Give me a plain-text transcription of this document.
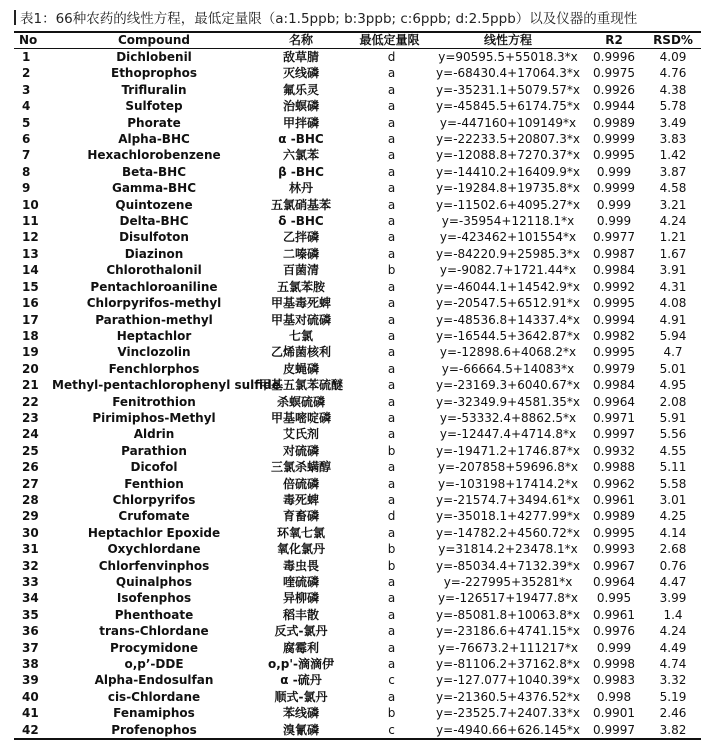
表1：66种农药的线性方程，最低定量限（a:1.5ppb; b:3ppb; c:6ppb; d:2.5ppb）以及仪器的重现性
No	Compound	名称	最低定量限	线性方程	R2	RSD%
1	Dichlobenil	敌草腈	d	y=90595.5+55018.3*x	0.9996	4.09
2	Ethoprophos	灭线磷	a	y=-68430.4+17064.3*x	0.9975	4.76
3	Trifluralin	氟乐灵	a	y=-35231.1+5079.57*x	0.9926	4.38
4	Sulfotep	治螟磷	a	y=-45845.5+6174.75*x	0.9944	5.78
5	Phorate	甲拌磷	a	y=-447160+109149*x	0.9989	3.49
6	Alpha-BHC	α -BHC	a	y=-22233.5+20807.3*x	0.9999	3.83
7	Hexachlorobenzene	六氯苯	a	y=-12088.8+7270.37*x	0.9995	1.42
8	Beta-BHC	β -BHC	a	y=-14410.2+16409.9*x	0.999	3.87
9	Gamma-BHC	林丹	a	y=-19284.8+19735.8*x	0.9999	4.58
10	Quintozene	五氯硝基苯	a	y=-11502.6+4095.27*x	0.999	3.21
11	Delta-BHC	δ -BHC	a	y=-35954+12118.1*x	0.999	4.24
12	Disulfoton	乙拌磷	a	y=-423462+101554*x	0.9977	1.21
13	Diazinon	二嗪磷	a	y=-84220.9+25985.3*x	0.9987	1.67
14	Chlorothalonil	百菌清	b	y=-9082.7+1721.44*x	0.9984	3.91
15	Pentachloroaniline	五氯苯胺	a	y=-46044.1+14542.9*x	0.9992	4.31
16	Chlorpyrifos-methyl	甲基毒死蜱	a	y=-20547.5+6512.91*x	0.9995	4.08
17	Parathion-methyl	甲基对硫磷	a	y=-48536.8+14337.4*x	0.9994	4.91
18	Heptachlor	七氯	a	y=-16544.5+3642.87*x	0.9982	5.94
19	Vinclozolin	乙烯菌核利	a	y=-12898.6+4068.2*x	0.9995	4.7
20	Fenchlorphos	皮蝇磷	a	y=-66664.5+14083*x	0.9979	5.01
21	Methyl-pentachlorophenyl sulfide	甲基五氯苯硫醚	a	y=-23169.3+6040.67*x	0.9984	4.95
22	Fenitrothion	杀螟硫磷	a	y=-32349.9+4581.35*x	0.9964	2.08
23	Pirimiphos-Methyl	甲基嘧啶磷	a	y=-53332.4+8862.5*x	0.9971	5.91
24	Aldrin	艾氏剂	a	y=-12447.4+4714.8*x	0.9997	5.56
25	Parathion	对硫磷	b	y=-19471.2+1746.87*x	0.9932	4.55
26	Dicofol	三氯杀螨醇	a	y=-207858+59696.8*x	0.9988	5.11
27	Fenthion	倍硫磷	a	y=-103198+17414.2*x	0.9962	5.58
28	Chlorpyrifos	毒死蜱	a	y=-21574.7+3494.61*x	0.9961	3.01
29	Crufomate	育畜磷	d	y=-35018.1+4277.99*x	0.9989	4.25
30	Heptachlor Epoxide	环氧七氯	a	y=-14782.2+4560.72*x	0.9995	4.14
31	Oxychlordane	氧化氯丹	b	y=31814.2+23478.1*x	0.9993	2.68
32	Chlorfenvinphos	毒虫畏	b	y=-85034.4+7132.39*x	0.9967	0.76
33	Quinalphos	喹硫磷	a	y=-227995+35281*x	0.9964	4.47
34	Isofenphos	异柳磷	a	y=-126517+19477.8*x	0.995	3.99
35	Phenthoate	稻丰散	a	y=-85081.8+10063.8*x	0.9961	1.4
36	trans-Chlordane	反式-氯丹	a	y=-23186.6+4741.15*x	0.9976	4.24
37	Procymidone	腐霉利	a	y=-76673.2+111217*x	0.999	4.49
38	o,p’-DDE	o,p'-滴滴伊	a	y=-81106.2+37162.8*x	0.9998	4.74
39	Alpha-Endosulfan	α -硫丹	c	y=-127.077+1040.39*x	0.9983	3.32
40	cis-Chlordane	顺式-氯丹	a	y=-21360.5+4376.52*x	0.998	5.19
41	Fenamiphos	苯线磷	b	y=-23525.7+2407.33*x	0.9901	2.46
42	Profenophos	溴氰磷	c	y=-4940.66+626.145*x	0.9997	3.82
